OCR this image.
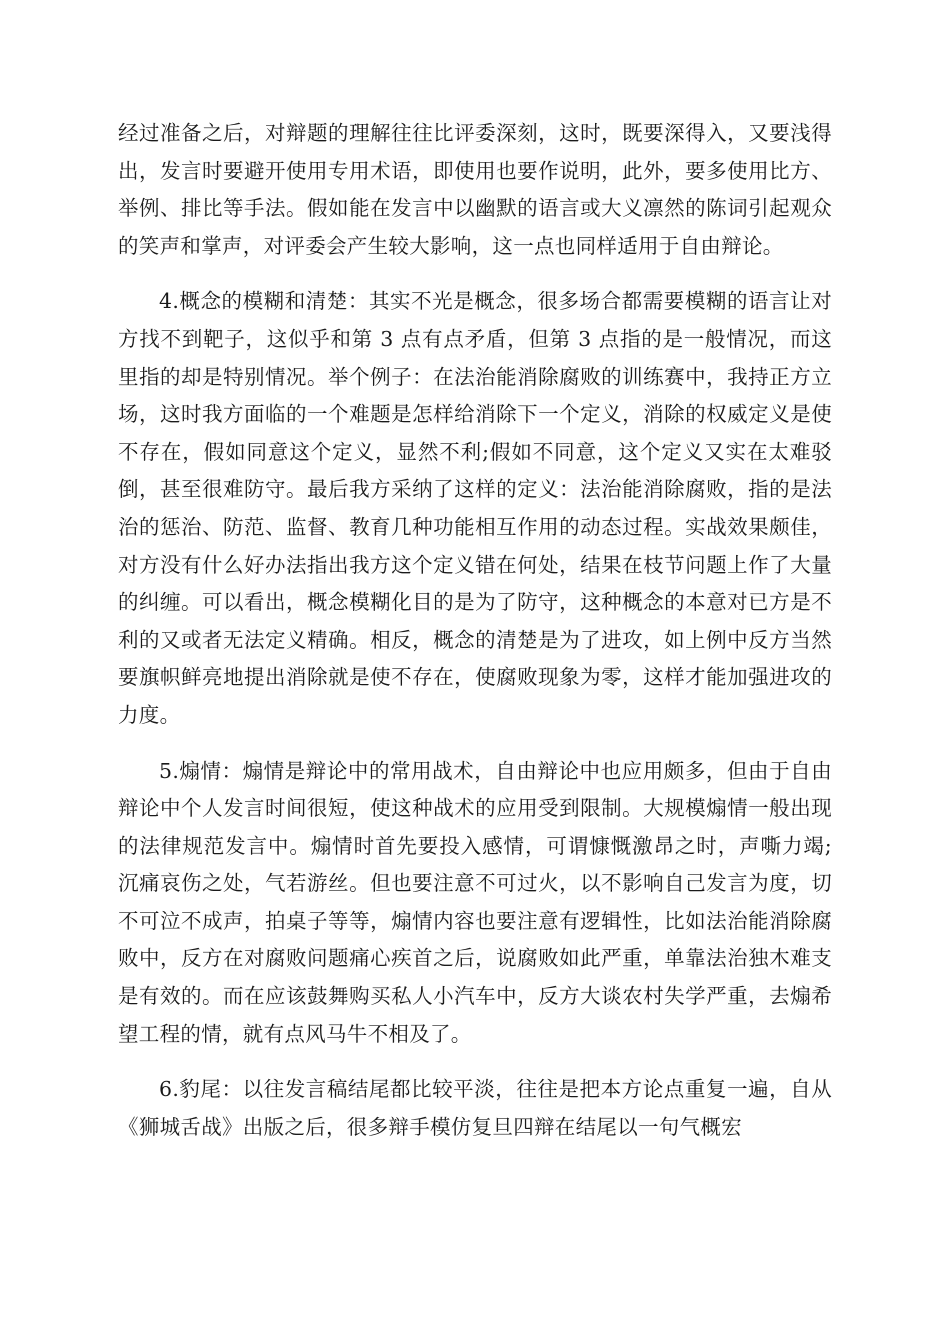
经过准备之后，对辩题的理解往往比评委深刻，这时，既要深得入，又要浅得出，发言时要避开使用专用术语，即使用也要作说明，此外，要多使用比方、举例、排比等手法。假如能在发言中以幽默的语言或大义凛然的陈词引起观众的笑声和掌声，对评委会产生较大影响，这一点也同样适用于自由辩论。

4.概念的模糊和清楚：其实不光是概念，很多场合都需要模糊的语言让对方找不到靶子，这似乎和第 3 点有点矛盾，但第 3 点指的是一般情况，而这里指的却是特别情况。举个例子：在法治能消除腐败的训练赛中，我持正方立场，这时我方面临的一个难题是怎样给消除下一个定义，消除的权威定义是使不存在，假如同意这个定义，显然不利;假如不同意，这个定义又实在太难驳倒，甚至很难防守。最后我方采纳了这样的定义：法治能消除腐败，指的是法治的惩治、防范、监督、教育几种功能相互作用的动态过程。实战效果颇佳，对方没有什么好办法指出我方这个定义错在何处，结果在枝节问题上作了大量的纠缠。可以看出，概念模糊化目的是为了防守，这种概念的本意对已方是不利的又或者无法定义精确。相反，概念的清楚是为了进攻，如上例中反方当然要旗帜鲜亮地提出消除就是使不存在，使腐败现象为零，这样才能加强进攻的力度。

5.煽情：煽情是辩论中的常用战术，自由辩论中也应用颇多，但由于自由辩论中个人发言时间很短，使这种战术的应用受到限制。大规模煽情一般出现的法律规范发言中。煽情时首先要投入感情，可谓慷慨激昂之时，声嘶力竭;沉痛哀伤之处，气若游丝。但也要注意不可过火，以不影响自己发言为度，切不可泣不成声，拍桌子等等，煽情内容也要注意有逻辑性，比如法治能消除腐败中，反方在对腐败问题痛心疾首之后，说腐败如此严重，单靠法治独木难支是有效的。而在应该鼓舞购买私人小汽车中，反方大谈农村失学严重，去煽希望工程的情，就有点风马牛不相及了。

6.豹尾：以往发言稿结尾都比较平淡，往往是把本方论点重复一遍，自从《狮城舌战》出版之后，很多辩手模仿复旦四辩在结尾以一句气概宏
